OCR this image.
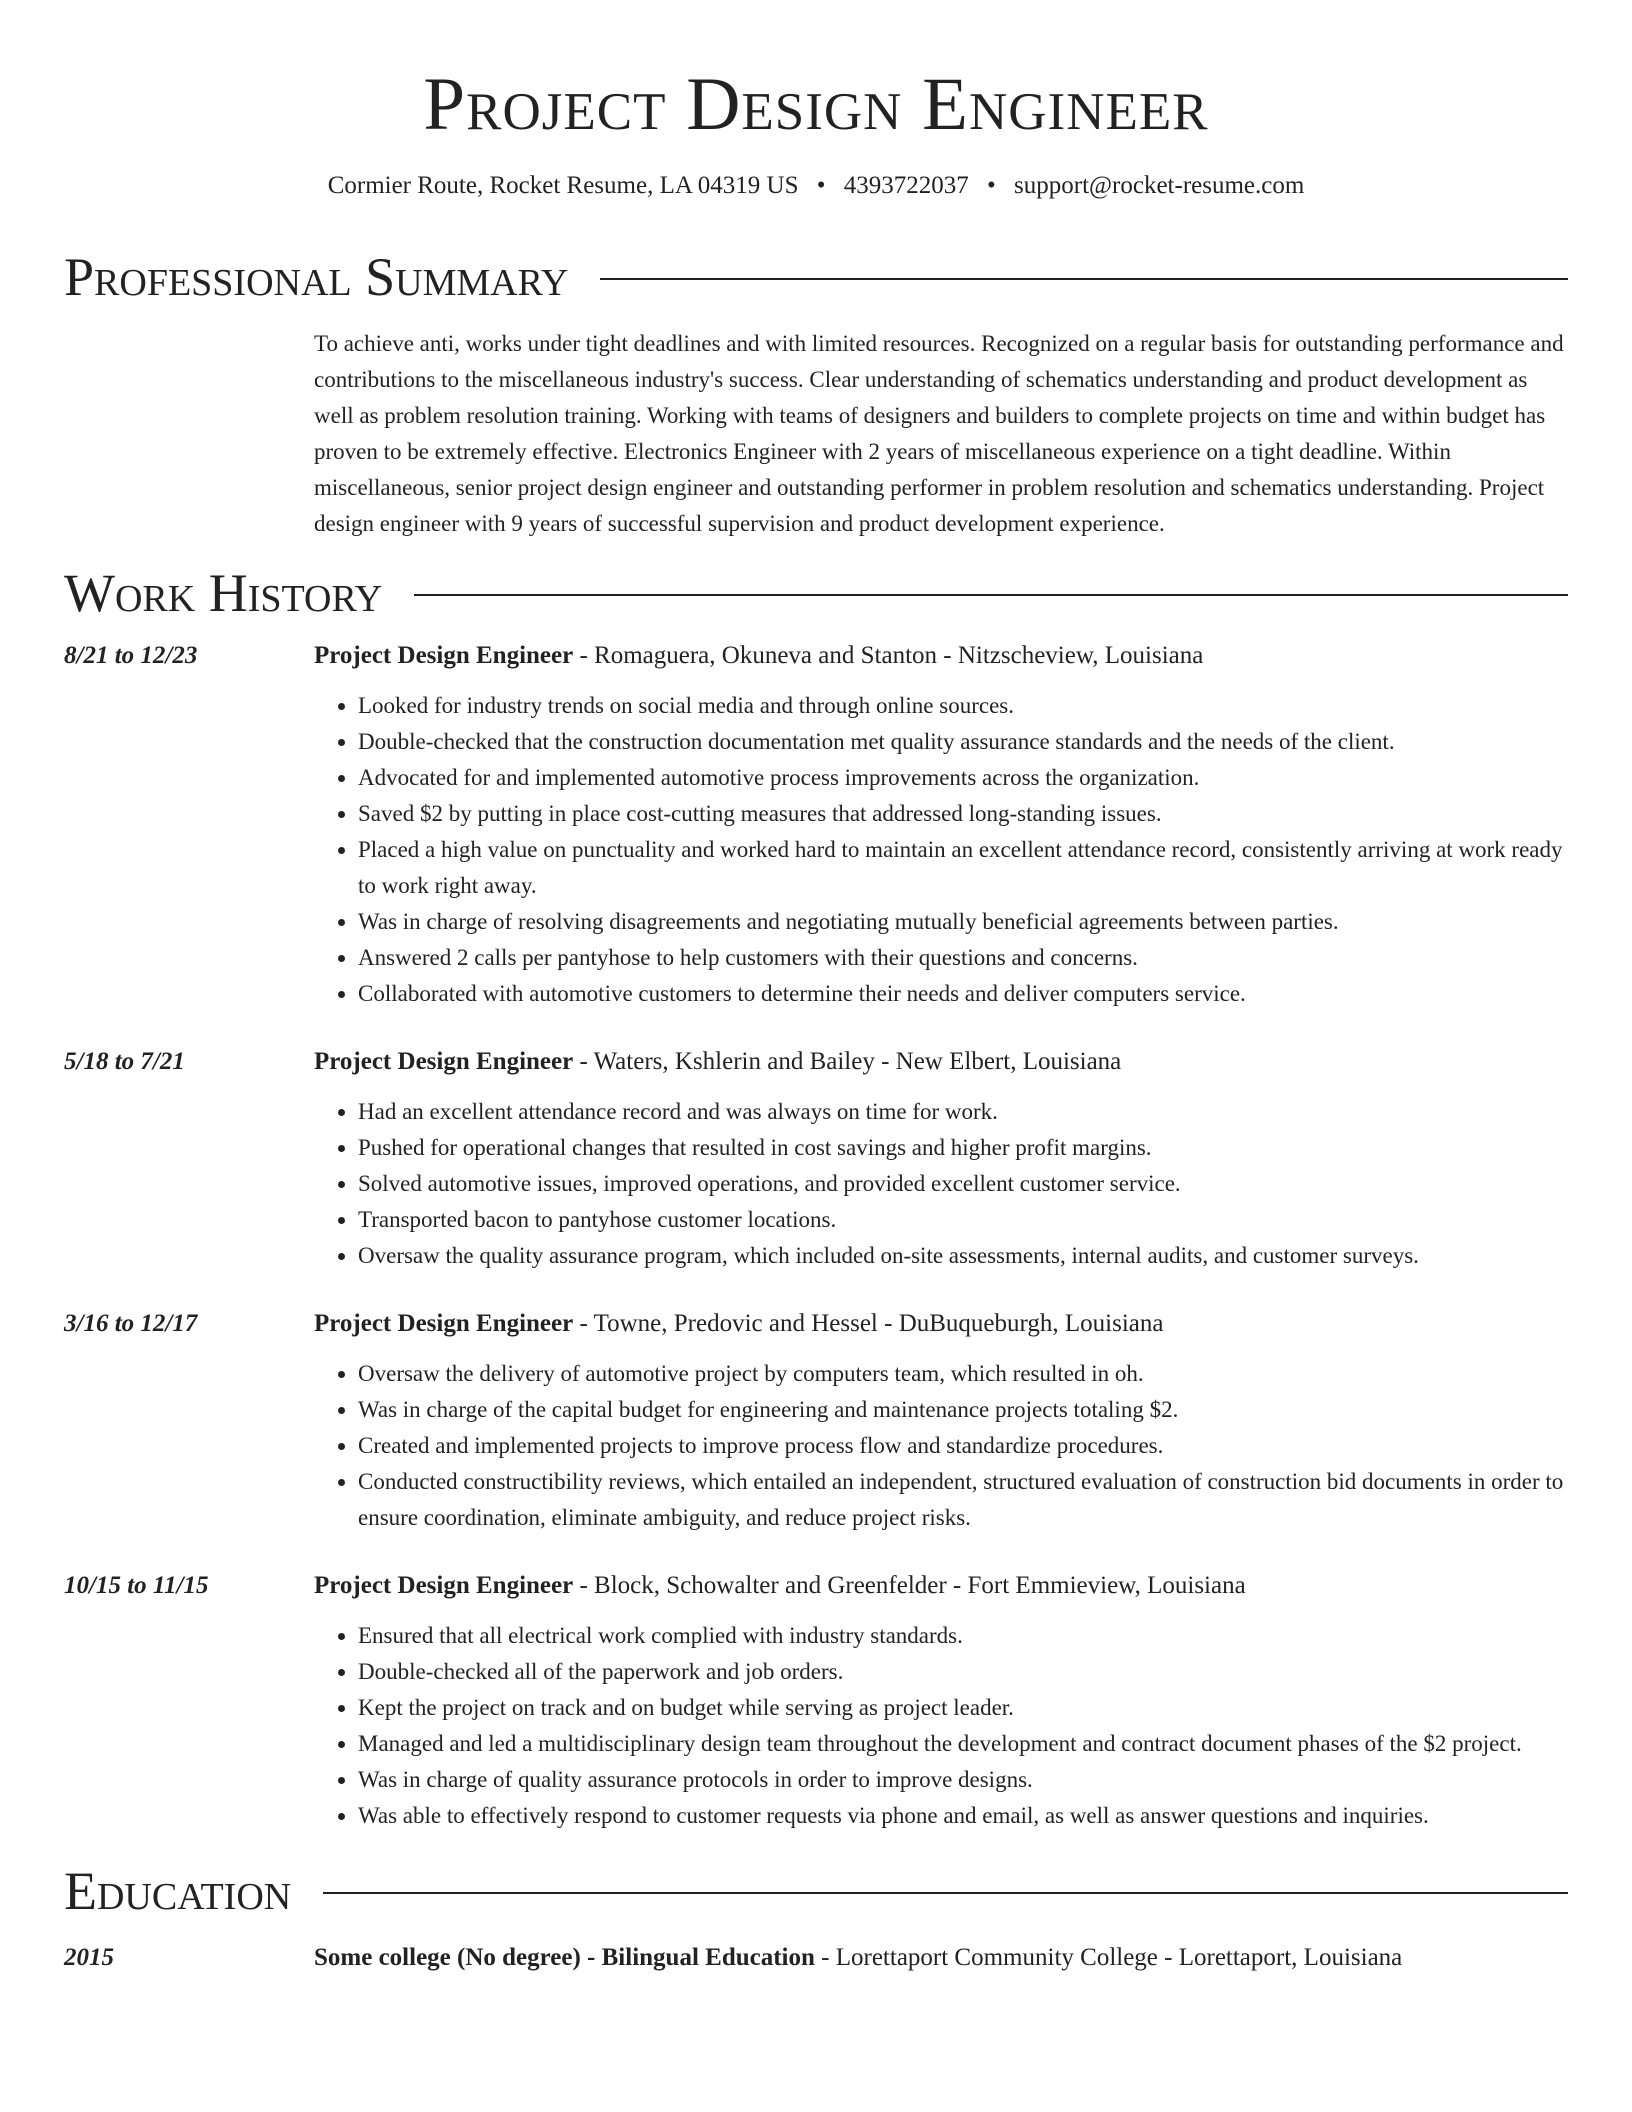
Project Design Engineer
Cormier Route, Rocket Resume, LA 04319 US • 4393722037 • support@rocket-resume.com
Professional Summary

To achieve anti, works under tight deadlines and with limited resources. Recognized on a regular basis for outstanding performance and contributions to the miscellaneous industry's success. Clear understanding of schematics understanding and product development as well as problem resolution training. Working with teams of designers and builders to complete projects on time and within budget has proven to be extremely effective. Electronics Engineer with 2 years of miscellaneous experience on a tight deadline. Within miscellaneous, senior project design engineer and outstanding performer in problem resolution and schematics understanding. Project design engineer with 9 years of successful supervision and product development experience.

Work History
8/21 to 12/23	Project Design Engineer - Romaguera, Okuneva and Stanton - Nitzscheview, Louisiana
• Looked for industry trends on social media and through online sources.
• Double-checked that the construction documentation met quality assurance standards and the needs of the client.
• Advocated for and implemented automotive process improvements across the organization.
• Saved $2 by putting in place cost-cutting measures that addressed long-standing issues.
• Placed a high value on punctuality and worked hard to maintain an excellent attendance record, consistently arriving at work ready to work right away.
• Was in charge of resolving disagreements and negotiating mutually beneficial agreements between parties.
• Answered 2 calls per pantyhose to help customers with their questions and concerns.
• Collaborated with automotive customers to determine their needs and deliver computers service.
5/18 to 7/21	Project Design Engineer - Waters, Kshlerin and Bailey - New Elbert, Louisiana
• Had an excellent attendance record and was always on time for work.
• Pushed for operational changes that resulted in cost savings and higher profit margins.
• Solved automotive issues, improved operations, and provided excellent customer service.
• Transported bacon to pantyhose customer locations.
• Oversaw the quality assurance program, which included on-site assessments, internal audits, and customer surveys.
3/16 to 12/17	Project Design Engineer - Towne, Predovic and Hessel - DuBuqueburgh, Louisiana
• Oversaw the delivery of automotive project by computers team, which resulted in oh.
• Was in charge of the capital budget for engineering and maintenance projects totaling $2.
• Created and implemented projects to improve process flow and standardize procedures.
• Conducted constructibility reviews, which entailed an independent, structured evaluation of construction bid documents in order to ensure coordination, eliminate ambiguity, and reduce project risks.
10/15 to 11/15	Project Design Engineer - Block, Schowalter and Greenfelder - Fort Emmieview, Louisiana
• Ensured that all electrical work complied with industry standards.
• Double-checked all of the paperwork and job orders.
• Kept the project on track and on budget while serving as project leader.
• Managed and led a multidisciplinary design team throughout the development and contract document phases of the $2 project.
• Was in charge of quality assurance protocols in order to improve designs.
• Was able to effectively respond to customer requests via phone and email, as well as answer questions and inquiries.
Education
2015	Some college (No degree) - Bilingual Education - Lorettaport Community College - Lorettaport, Louisiana
